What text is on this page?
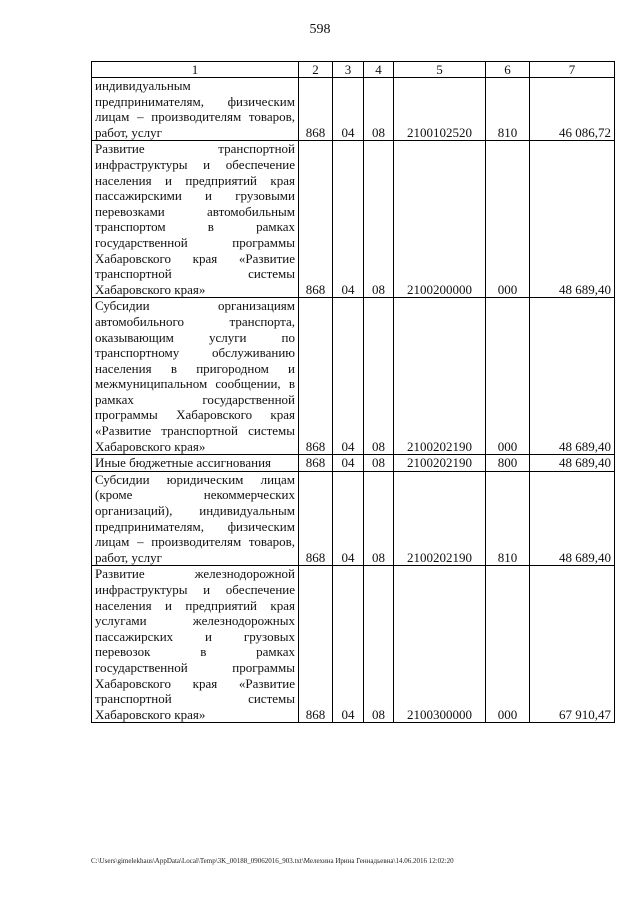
598
1	2	3	4	5	6	7
индивидуальным предпринимателям, физическим лицам – производителям товаров, работ, услуг	868	04	08	2100102520	810	46 086,72
Развитие транспортной инфраструктуры и обеспечение населения и предприятий края пассажирскими и грузовыми перевозками автомобильным транспортом в рамках государственной программы Хабаровского края «Развитие транспортной системы Хабаровского края»	868	04	08	2100200000	000	48 689,40
Субсидии организациям автомобильного транспорта, оказывающим услуги по транспортному обслуживанию населения в пригородном и межмуниципальном сообщении, в рамках государственной программы Хабаровского края «Развитие транспортной системы Хабаровского края»	868	04	08	2100202190	000	48 689,40
Иные бюджетные ассигнования	868	04	08	2100202190	800	48 689,40
Субсидии юридическим лицам (кроме некоммерческих организаций), индивидуальным предпринимателям, физическим лицам – производителям товаров, работ, услуг	868	04	08	2100202190	810	48 689,40
Развитие железнодорожной инфраструктуры и обеспечение населения и предприятий края услугами железнодорожных пассажирских и грузовых перевозок в рамках государственной программы Хабаровского края «Развитие транспортной системы Хабаровского края»	868	04	08	2100300000	000	67 910,47
C:\Users\gimelekhaus\AppData\Local\Temp\3K_00188_09062016_903.txt\Мелехина Ирина Геннадьевна\14.06.2016 12:02:20
